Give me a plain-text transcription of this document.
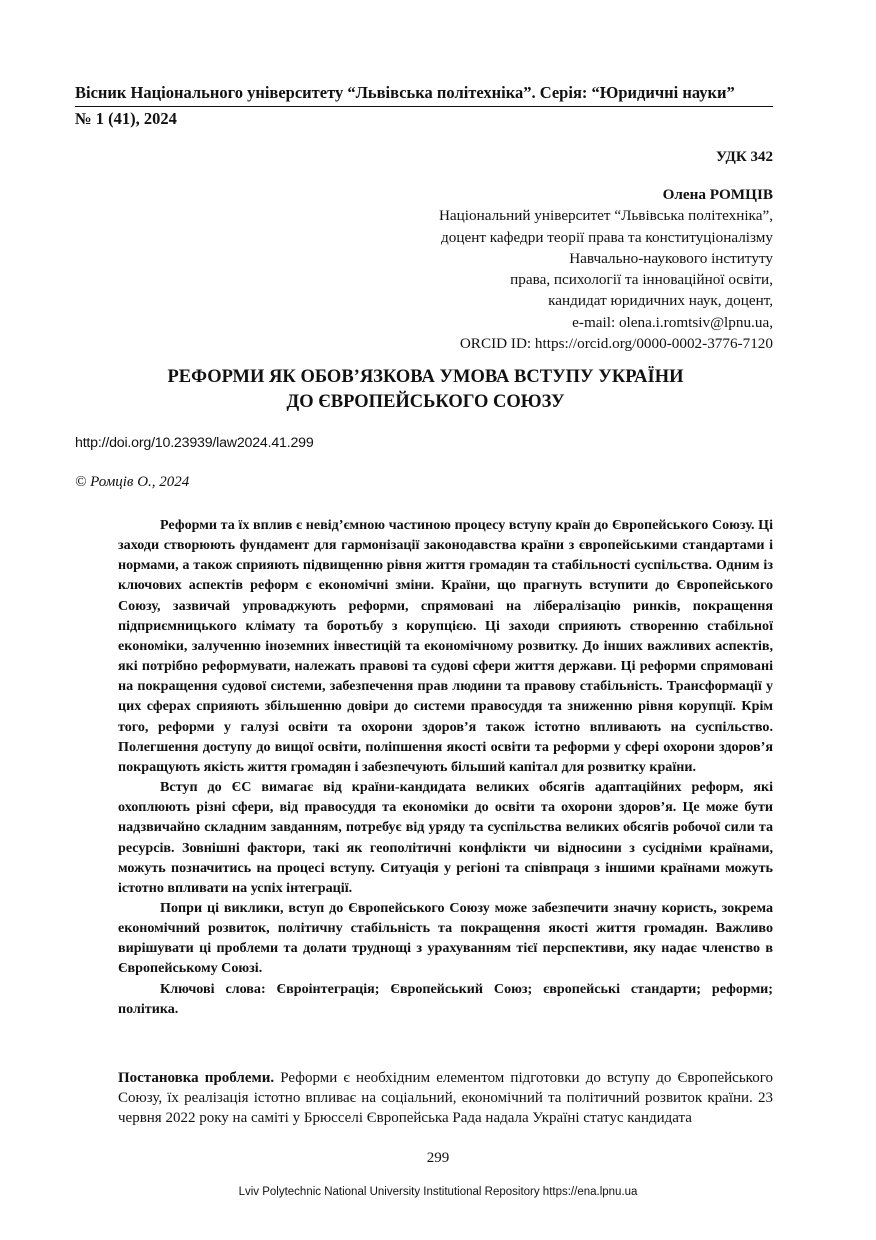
Вісник Національного університету “Львівська політехніка”. Серія: “Юридичні науки”
№ 1 (41), 2024
УДК 342
Олена РОМЦІВ
Національний університет “Львівська політехніка”,
доцент кафедри теорії права та конституціоналізму
Навчально-наукового інституту
права, психології та інноваційної освіти,
кандидат юридичних наук, доцент,
e-mail: olena.i.romtsiv@lpnu.ua,
ORCID ID: https://orcid.org/0000-0002-3776-7120
РЕФОРМИ ЯК ОБОВ’ЯЗКОВА УМОВА ВСТУПУ УКРАЇНИ
ДО ЄВРОПЕЙСЬКОГО СОЮЗУ
http://doi.org/10.23939/law2024.41.299
© Ромців О., 2024

Реформи та їх вплив є невід’ємною частиною процесу вступу країн до Європейського Союзу. Ці заходи створюють фундамент для гармонізації законодавства країни з європейськими стандартами і нормами, а також сприяють підвищенню рівня життя громадян та стабільності суспільства. Одним із ключових аспектів реформ є економічні зміни. Країни, що прагнуть вступити до Європейського Союзу, зазвичай упроваджують реформи, спрямовані на лібералізацію ринків, покращення підприємницького клімату та боротьбу з корупцією. Ці заходи сприяють створенню стабільної економіки, залученню іноземних інвестицій та економічному розвитку. До інших важливих аспектів, які потрібно реформувати, належать правові та судові сфери життя держави. Ці реформи спрямовані на покращення судової системи, забезпечення прав людини та правову стабільність. Трансформації у цих сферах сприяють збільшенню довіри до системи правосуддя та зниженню рівня корупції. Крім того, реформи у галузі освіти та охорони здоров’я також істотно впливають на суспільство. Полегшення доступу до вищої освіти, поліпшення якості освіти та реформи у сфері охорони здоров’я покращують якість життя громадян і забезпечують більший капітал для розвитку країни.

Вступ до ЄС вимагає від країни-кандидата великих обсягів адаптаційних реформ, які охоплюють різні сфери, від правосуддя та економіки до освіти та охорони здоров’я. Це може бути надзвичайно складним завданням, потребує від уряду та суспільства великих обсягів робочої сили та ресурсів. Зовнішні фактори, такі як геополітичні конфлікти чи відносини з сусідніми країнами, можуть позначитись на процесі вступу. Ситуація у регіоні та співпраця з іншими країнами можуть істотно впливати на успіх інтеграції.

Попри ці виклики, вступ до Європейського Союзу може забезпечити значну користь, зокрема економічний розвиток, політичну стабільність та покращення якості життя громадян. Важливо вирішувати ці проблеми та долати труднощі з урахуванням тієї перспективи, яку надає членство в Європейському Союзі.

Ключові слова: Євроінтеграція; Європейський Союз; європейські стандарти; реформи; політика.

Постановка проблеми. Реформи є необхідним елементом підготовки до вступу до Європейського Союзу, їх реалізація істотно впливає на соціальний, економічний та політичний розвиток країни. 23 червня 2022 року на саміті у Брюсселі Європейська Рада надала Україні статус кандидата

299
Lviv Polytechnic National University Institutional Repository https://ena.lpnu.ua
